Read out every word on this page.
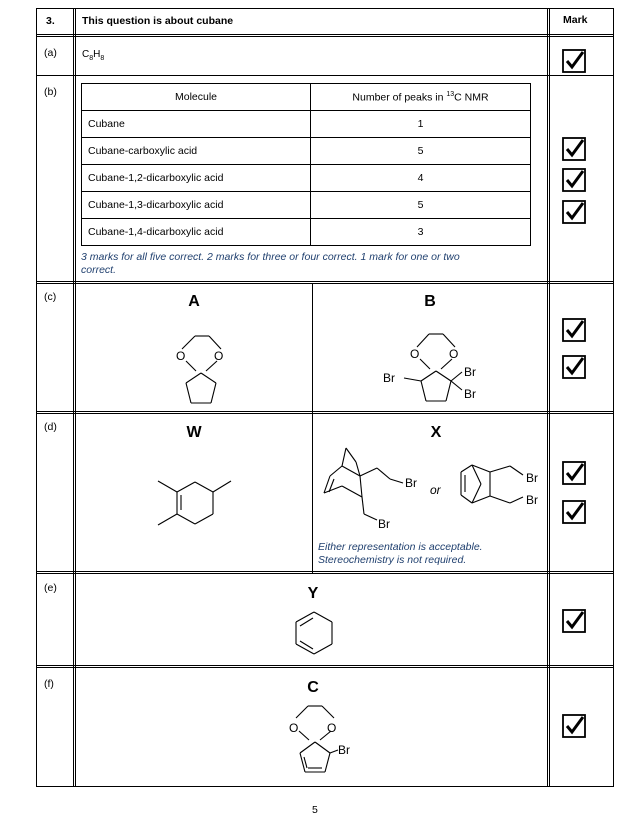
3.	This question is about cubane	Mark
(a)	$C_8H_8$
(b)	Molecule	Number of peaks in $^{13}$C NMR
Cubane	1
Cubane-carboxylic acid	5
Cubane-1,2-dicarboxylic acid	4
Cubane-1,3-dicarboxylic acid	5
Cubane-1,4-dicarboxylic acid	3
3 marks for all five correct. 2 marks for three or four correct. 1 mark for one or two
correct.
(c)	A	B
O O	O O
Br	Br
Br
(d)	W	X
Br
Br
Br
Br
or
Either representation is acceptable.
Stereochemistry is not required.
(e)	Y
(f)	C
O O
Br
5
